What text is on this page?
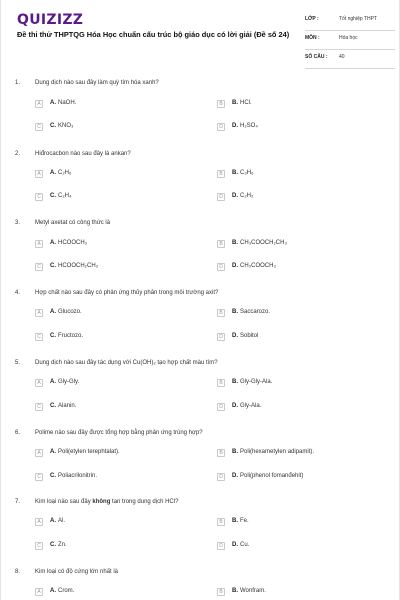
QUIZIZZ
Đề thi thử THPTQG Hóa Học chuẩn cấu trúc bộ giáo dục có lời giải (Đề số 24)
LỚP :	Tốt nghiệp THPT
MÔN :	Hóa học
SỐ CÂU : 40
1. Dung dịch nào sau đây làm quỳ tím hóa xanh?
A	A. NaOH.	B	B. HCl.
C	C. KNO₃	D	D. H₂SO₄
2. Hiđrocacbon nào sau đây là ankan?
A	A. C₂H₆	B	B. C₃H₆
C	C. C₂H₄	D	D. C₂H₂
3. Metyl axetat có công thức là
A	A. HCOOCH₃	B	B. CH₃COOCH₂CH₃
C	C. HCOOCH₂CH₃	D	D. CH₃COOCH₃
4. Hợp chất nào sau đây có phản ứng thủy phân trong môi trường axit?
A	A. Glucozo.	B	B. Saccarozo.
C	C. Fructozo.	D	D. Sobitol
5. Dung dịch nào sau đây tác dụng với Cu(OH)₂ tạo hợp chất màu tím?
A	A. Gly-Gly.	B	B. Gly-Gly-Ala.
C	C. Alanin.	D	D. Gly-Ala.
6. Polime nào sau đây được tổng hợp bằng phản ứng trùng hợp?
A	A. Poli(etylen terephtalat).	B	B. Poli(hexametylen adipamit).
C	C. Poliacrilonitrin.	D	D. Poli(phenol fomanđehit)
7. Kim loại nào sau đây không tan trong dung dịch HCl?
A	A. Al.	B	B. Fe.
C	C. Zn.	D	D. Cu.
8. Kim loại có độ cứng lớn nhất là
A	A. Crom.	B	B. Wonfram.
